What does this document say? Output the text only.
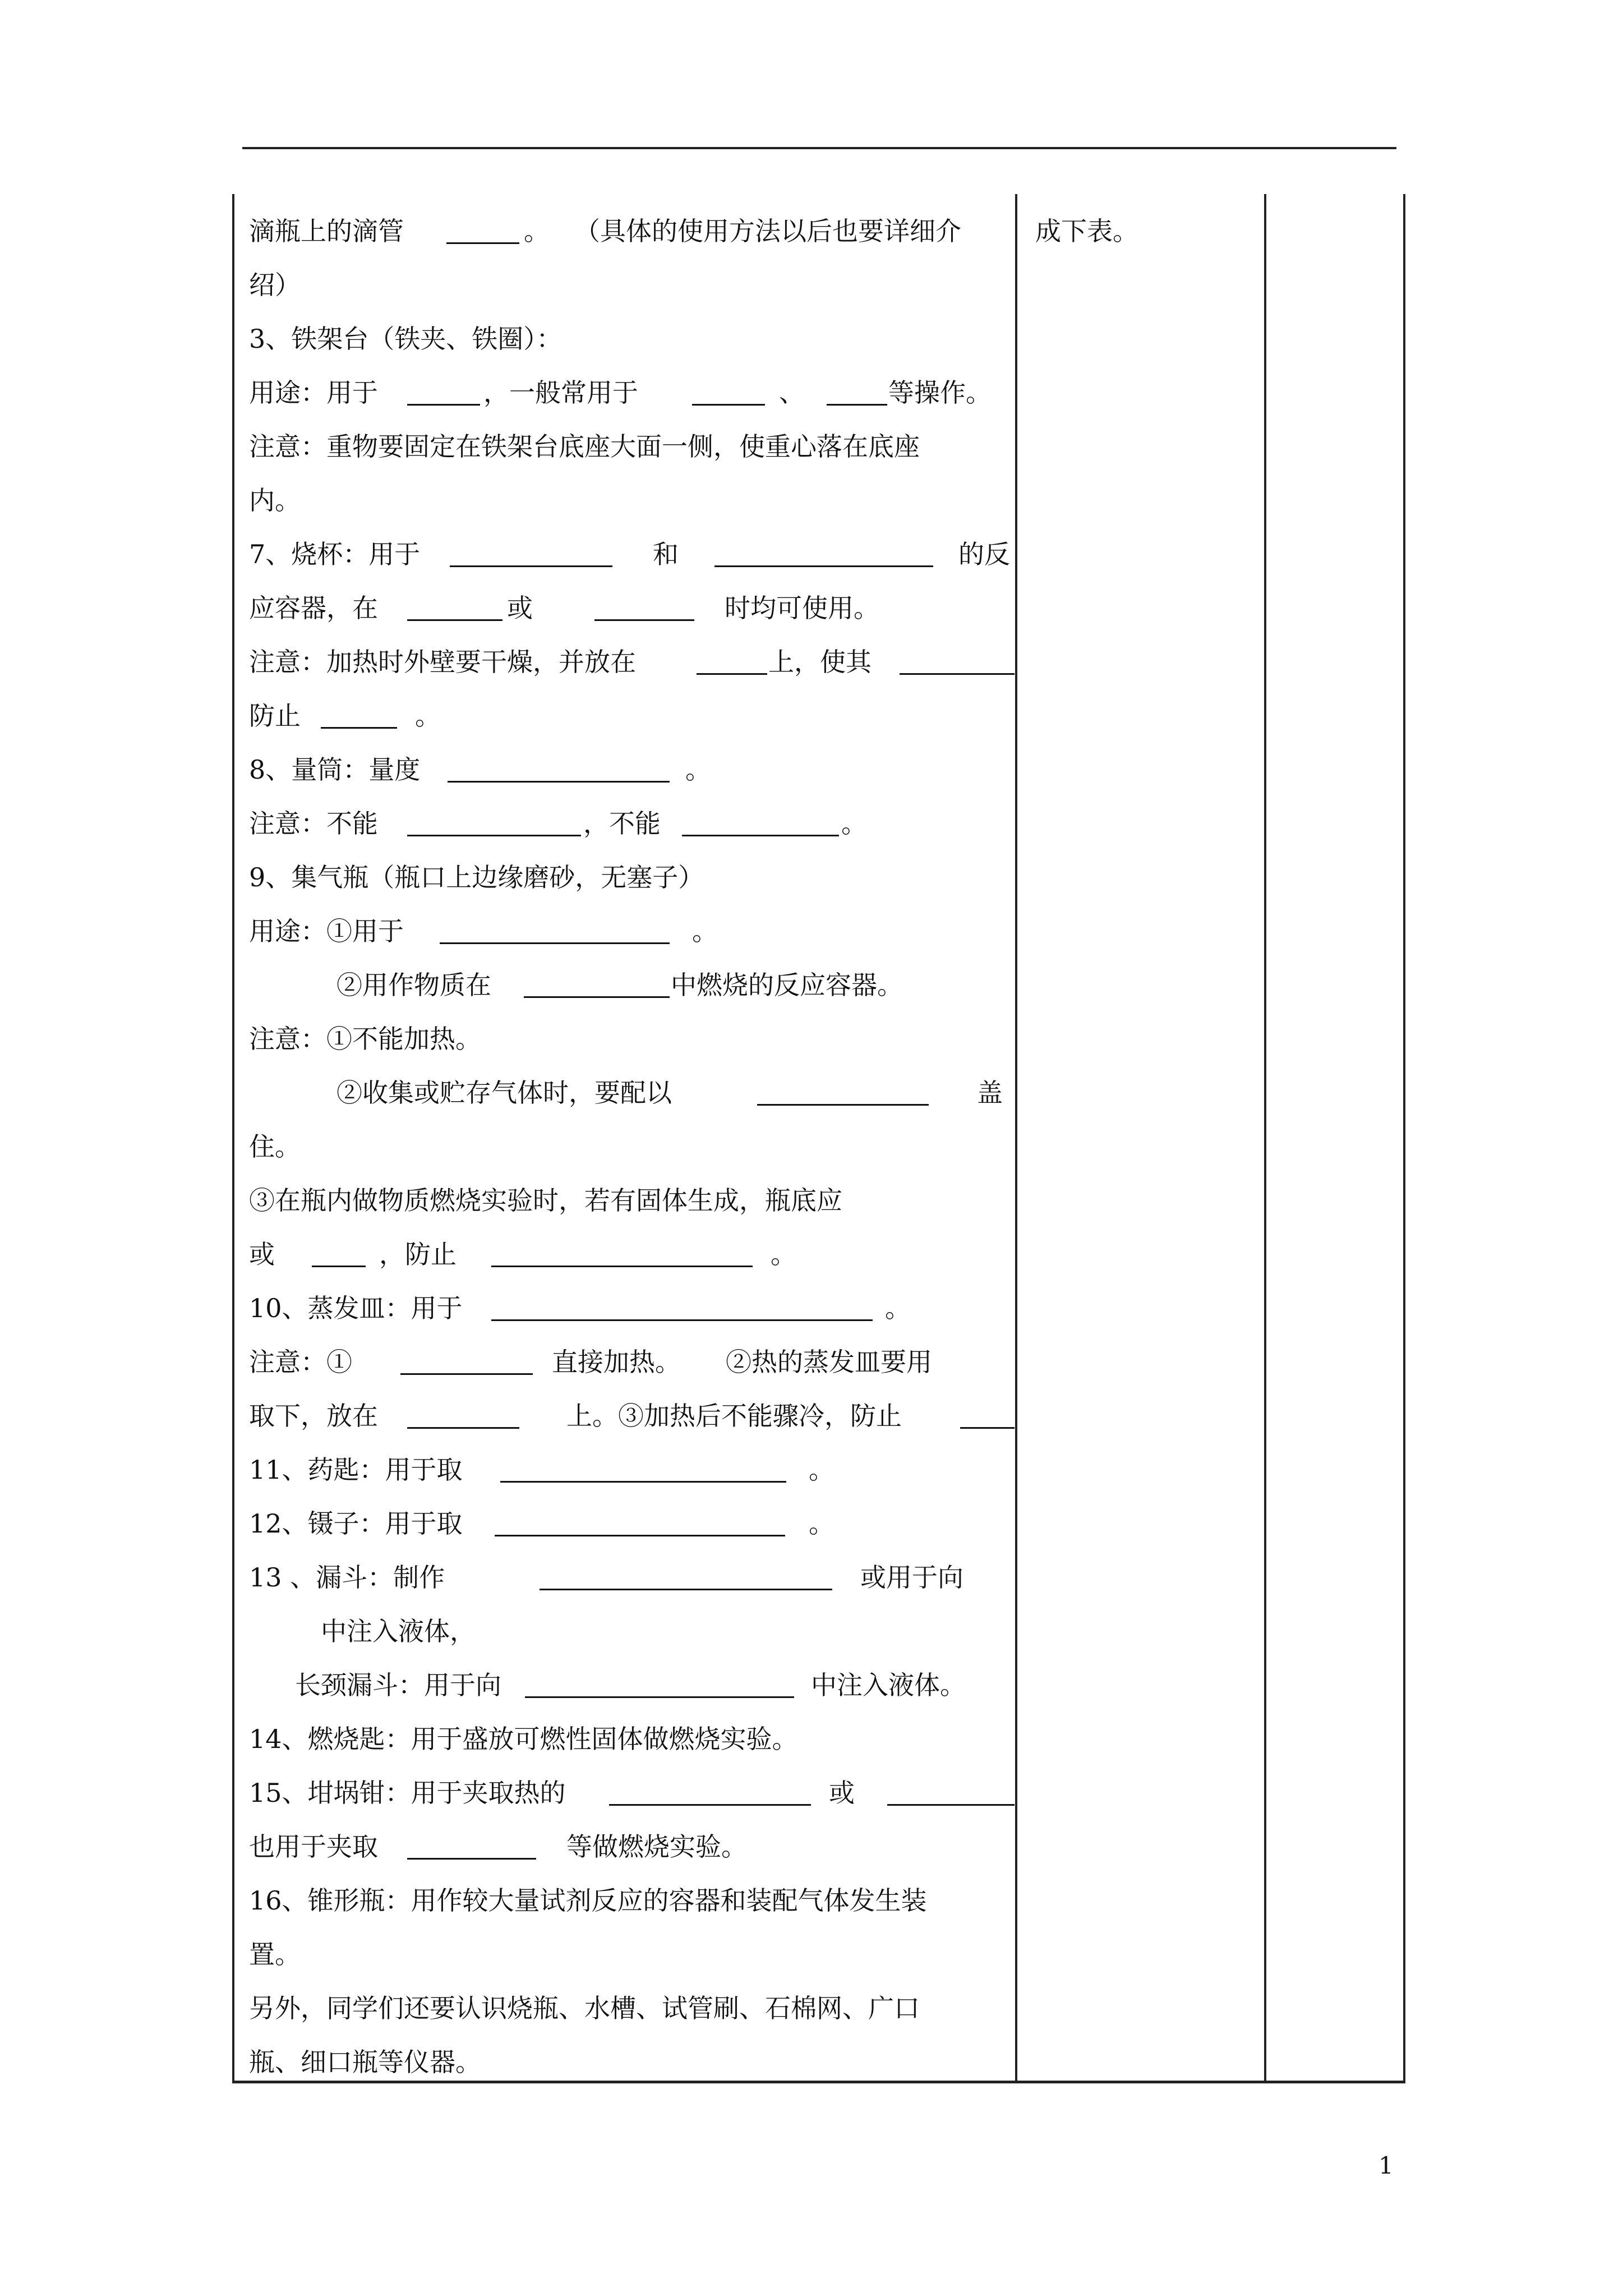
滴瓶上的滴管

	。

（具体的使用方法以后也要详细介

绍）

3、铁架台（铁夹、铁圈）：

用途：用于

	，一般常用于

	、

	等操作。

注意：重物要固定在铁架台底座大面一侧，使重心落在底座

内。

7、烧杯：用于

	和

	的反

应容器，在

	或

	时均可使用。

注意：加热时外壁要干燥，并放在

	上，使其

防止

	。

8、量筒：量度

	。

注意：不能

	，不能

	。

9、集气瓶（瓶口上边缘磨砂，无塞子）

用途：①用于

	。

②用作物质在

	中燃烧的反应容器。

注意：①不能加热。

②收集或贮存气体时，要配以

	盖

住。

③在瓶内做物质燃烧实验时，若有固体生成，瓶底应

或

	，防止

	。

10、蒸发皿：用于

	。

注意：①

	直接加热。

②热的蒸发皿要用

取下，放在

	上。③加热后不能骤冷，防止

11、药匙：用于取

	。

12、镊子：用于取

	。

13 、漏斗：制作

	或用于向

中注入液体，

长颈漏斗：用于向

	中注入液体。

14、燃烧匙：用于盛放可燃性固体做燃烧实验。

15、坩埚钳：用于夹取热的

	或

也用于夹取

	等做燃烧实验。

16、锥形瓶：用作较大量试剂反应的容器和装配气体发生装

置。

另外，同学们还要认识烧瓶、水槽、试管刷、石棉网、广口

瓶、细口瓶等仪器。

成下表。

1
